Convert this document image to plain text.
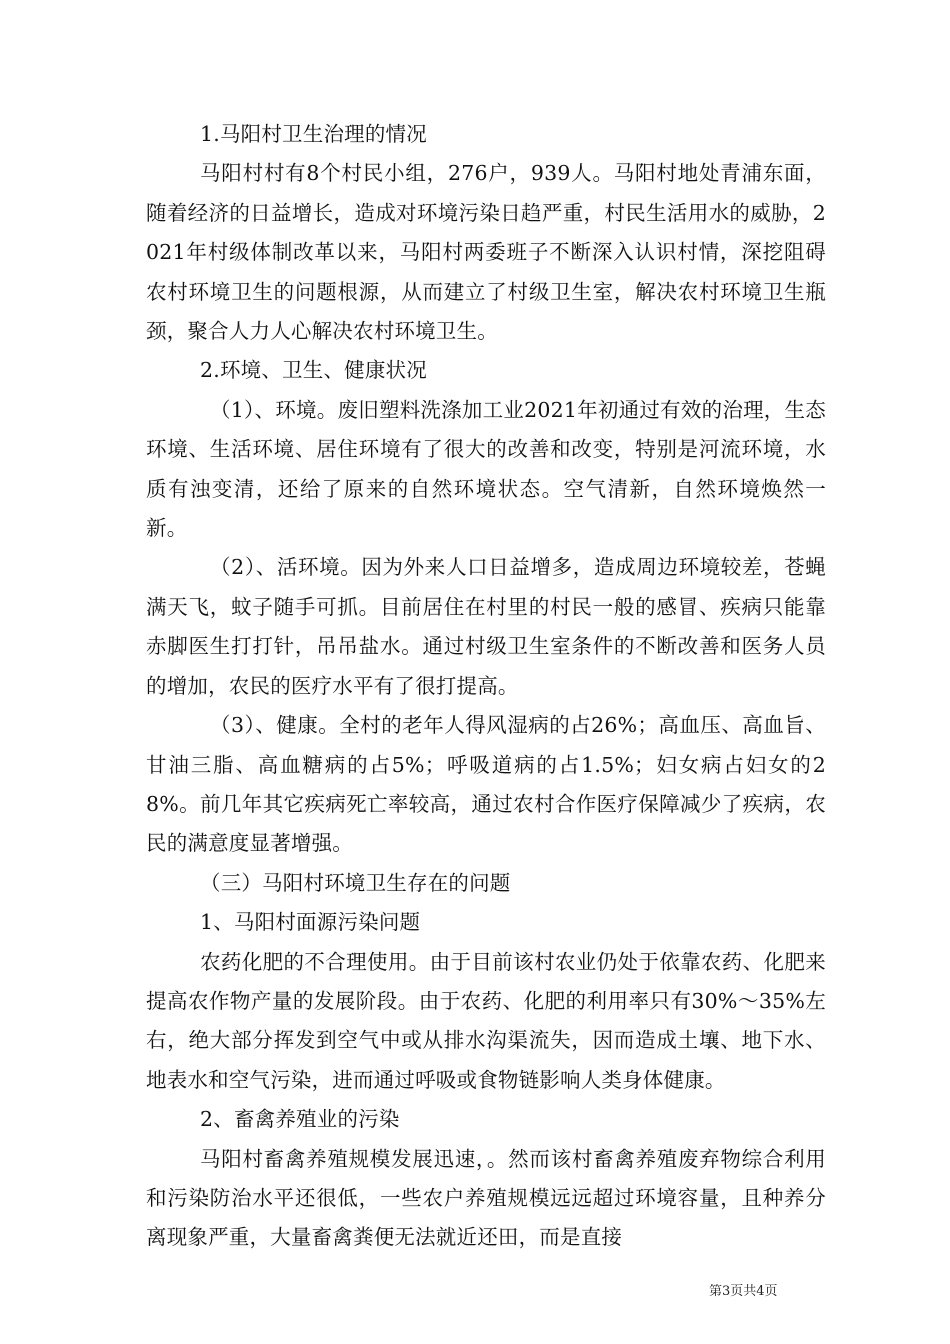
1.马阳村卫生治理的情况

马阳村村有8个村民小组，276户，939人。马阳村地处青浦东面，随着经济的日益增长，造成对环境污染日趋严重，村民生活用水的威胁，2021年村级体制改革以来，马阳村两委班子不断深入认识村情，深挖阻碍农村环境卫生的问题根源，从而建立了村级卫生室，解决农村环境卫生瓶颈，聚合人力人心解决农村环境卫生。

2.环境、卫生、健康状况

（1）、环境。废旧塑料洗涤加工业2021年初通过有效的治理，生态环境、生活环境、居住环境有了很大的改善和改变，特别是河流环境，水质有浊变清，还给了原来的自然环境状态。空气清新，自然环境焕然一新。

（2）、活环境。因为外来人口日益增多，造成周边环境较差，苍蝇满天飞，蚊子随手可抓。目前居住在村里的村民一般的感冒、疾病只能靠赤脚医生打打针，吊吊盐水。通过村级卫生室条件的不断改善和医务人员的增加，农民的医疗水平有了很打提高。

（3）、健康。全村的老年人得风湿病的占26%；高血压、高血旨、甘油三脂、高血糖病的占5%；呼吸道病的占1.5%；妇女病占妇女的28%。前几年其它疾病死亡率较高，通过农村合作医疗保障减少了疾病，农民的满意度显著增强。

（三）马阳村环境卫生存在的问题

1、马阳村面源污染问题

农药化肥的不合理使用。由于目前该村农业仍处于依靠农药、化肥来提高农作物产量的发展阶段。由于农药、化肥的利用率只有30%～35%左右，绝大部分挥发到空气中或从排水沟渠流失，因而造成土壤、地下水、地表水和空气污染，进而通过呼吸或食物链影响人类身体健康。

2、畜禽养殖业的污染

马阳村畜禽养殖规模发展迅速，。然而该村畜禽养殖废弃物综合利用和污染防治水平还很低，一些农户养殖规模远远超过环境容量，且种养分离现象严重，大量畜禽粪便无法就近还田，而是直接

第3页共4页
